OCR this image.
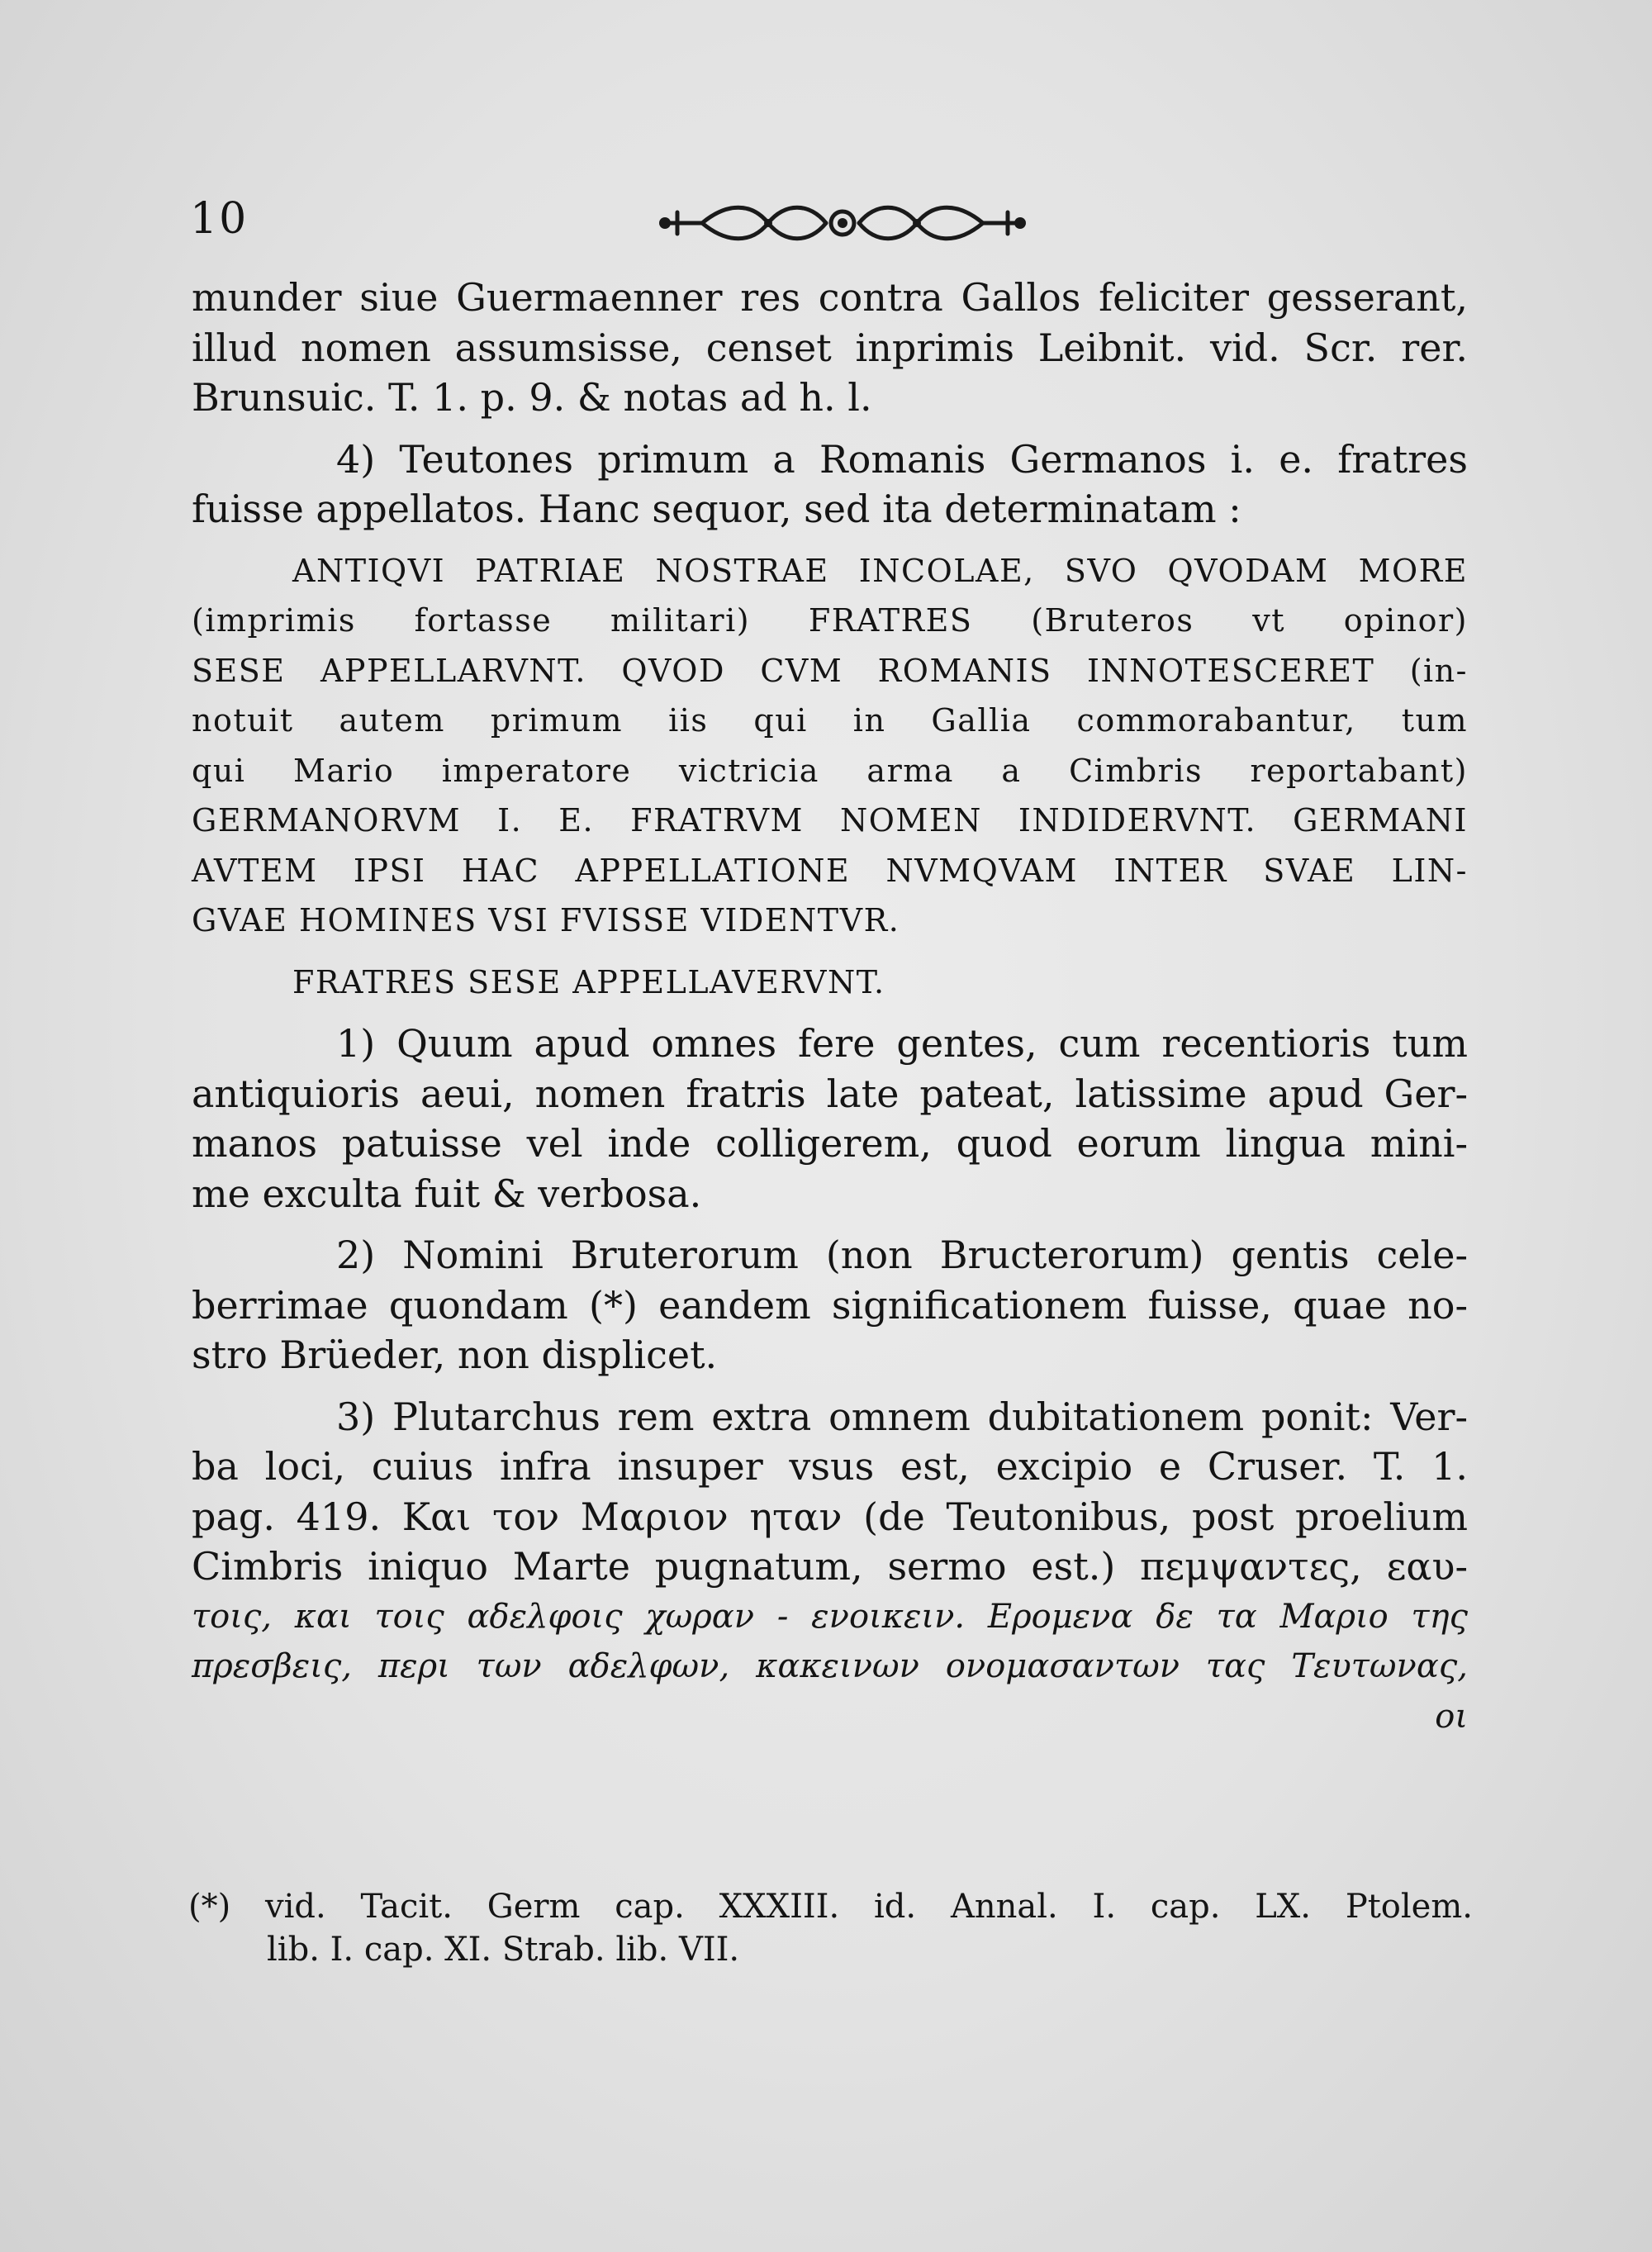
10
munder siue Guermaenner res contra Gallos feliciter gesserant,
illud nomen assumsisse, censet inprimis Leibnit. vid. Scr. rer.
Brunsuic. T. 1. p. 9. & notas ad h. l.
4) Teutones primum a Romanis Germanos i. e. fratres
fuisse appellatos. Hanc sequor, sed ita determinatam :
ANTIQVI PATRIAE NOSTRAE INCOLAE, SVO QVODAM MORE
(imprimis fortasse militari) FRATRES (Bruteros vt opinor)
SESE APPELLARVNT. QVOD CVM ROMANIS INNOTESCERET (in-
notuit autem primum iis qui in Gallia commorabantur, tum
qui Mario imperatore victricia arma a Cimbris reportabant)
GERMANORVM I. E. FRATRVM NOMEN INDIDERVNT. GERMANI
AVTEM IPSI HAC APPELLATIONE NVMQVAM INTER SVAE LIN-
GVAE HOMINES VSI FVISSE VIDENTVR.
FRATRES SESE APPELLAVERVNT.
1) Quum apud omnes fere gentes, cum recentioris tum
antiquioris aeui, nomen fratris late pateat, latissime apud Ger-
manos patuisse vel inde colligerem, quod eorum lingua mini-
me exculta fuit & verbosa.
2) Nomini Bruterorum (non Bructerorum) gentis cele-
berrimae quondam (*) eandem significationem fuisse, quae no-
stro Brüeder, non displicet.
3) Plutarchus rem extra omnem dubitationem ponit: Ver-
ba loci, cuius infra insuper vsus est, excipio e Cruser. T. 1.
pag. 419. Και τον Μαριον ηταν (de Teutonibus, post proelium
Cimbris iniquo Marte pugnatum, sermo est.) πεμψαντες, εαυ-
τοις, και τοις αδελφοις χωραν - ενοικειν. Ερομενα δε τα Μαριο της
πρεσβεις, περι των αδελφων, κακεινων ονομασαντων τας Τευτωνας,
οι
(*) vid. Tacit. Germ cap. XXXIII. id. Annal. I. cap. LX. Ptolem.
lib. I. cap. XI. Strab. lib. VII.
